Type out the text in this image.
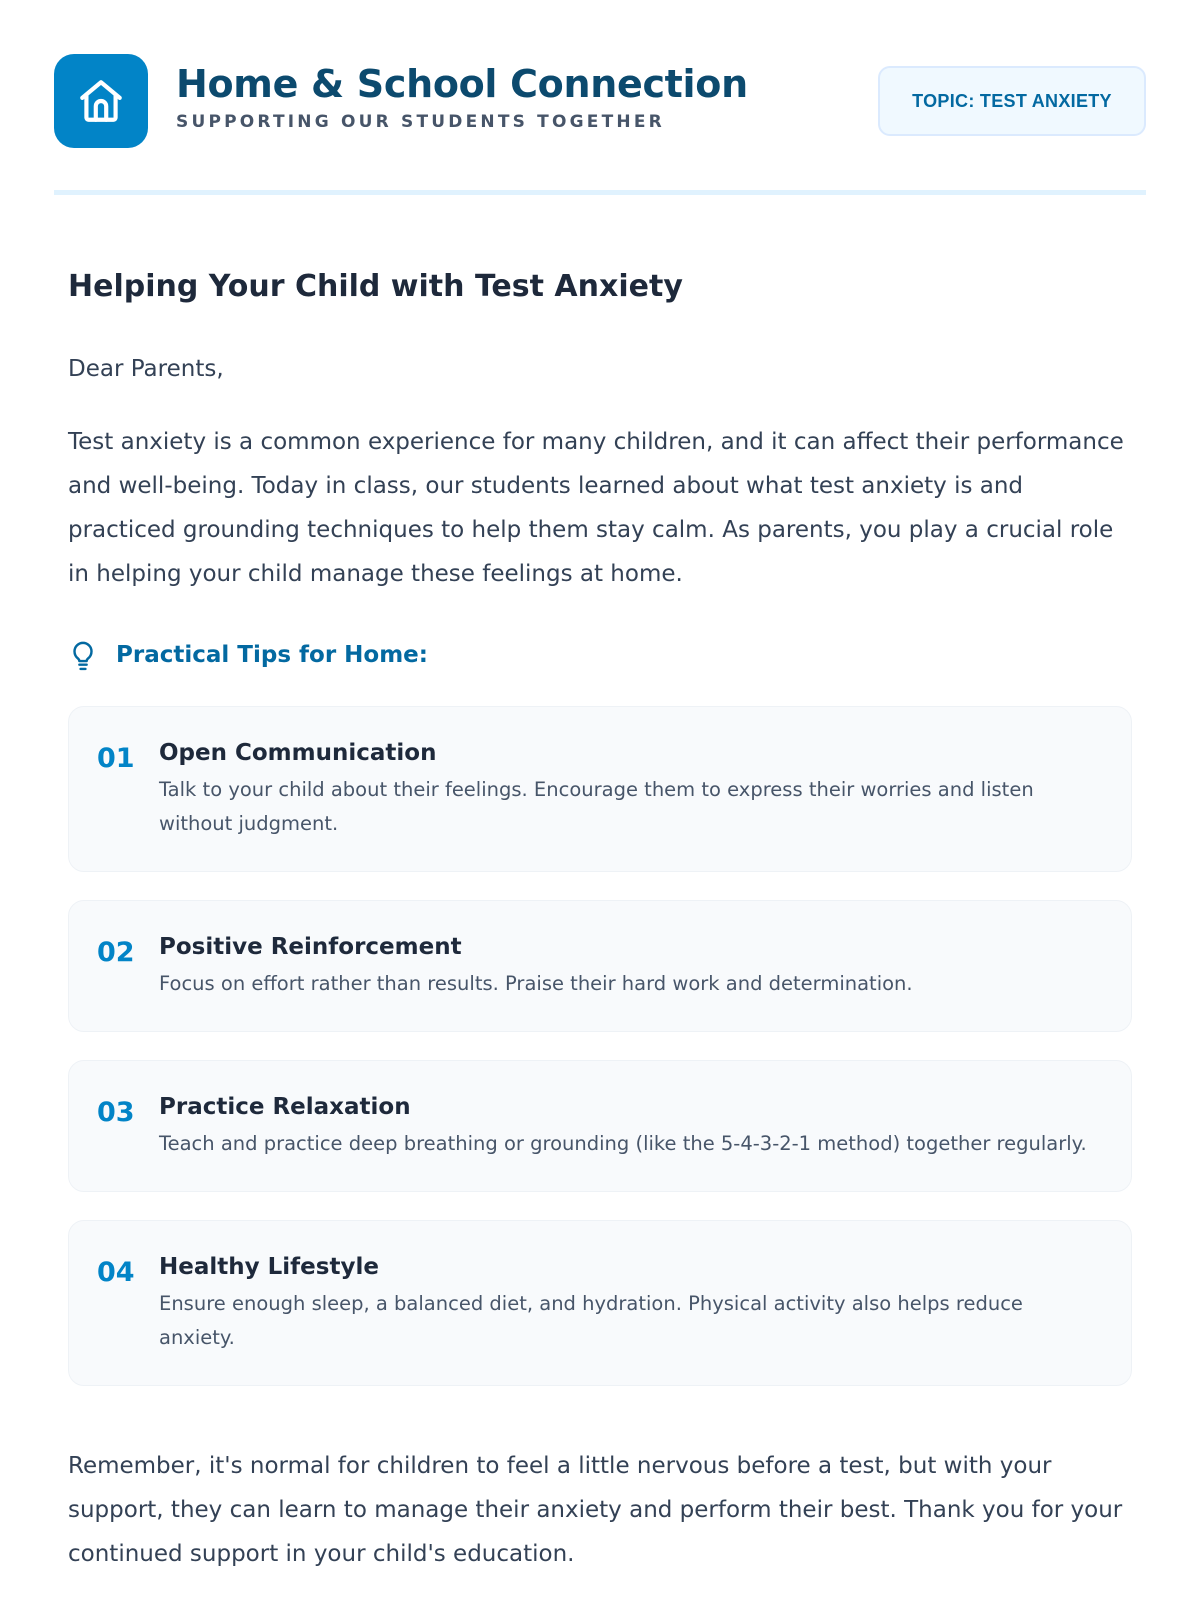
Home & School Connection
SUPPORTING OUR STUDENTS TOGETHER
TOPIC: TEST ANXIETY
Helping Your Child with Test Anxiety

Dear Parents,

Test anxiety is a common experience for many children, and it can affect their performance and well-being. Today in class, our students learned about what test anxiety is and practiced grounding techniques to help them stay calm. As parents, you play a crucial role in helping your child manage these feelings at home.

Practical Tips for Home:
01	Open Communication
Talk to your child about their feelings. Encourage them to express their worries and listen without judgment.
02	Positive Reinforcement
Focus on effort rather than results. Praise their hard work and determination.
03	Practice Relaxation
Teach and practice deep breathing or grounding (like the 5-4-3-2-1 method) together regularly.
04	Healthy Lifestyle
Ensure enough sleep, a balanced diet, and hydration. Physical activity also helps reduce anxiety.

Remember, it's normal for children to feel a little nervous before a test, but with your support, they can learn to manage their anxiety and perform their best. Thank you for your continued support in your child's education.
